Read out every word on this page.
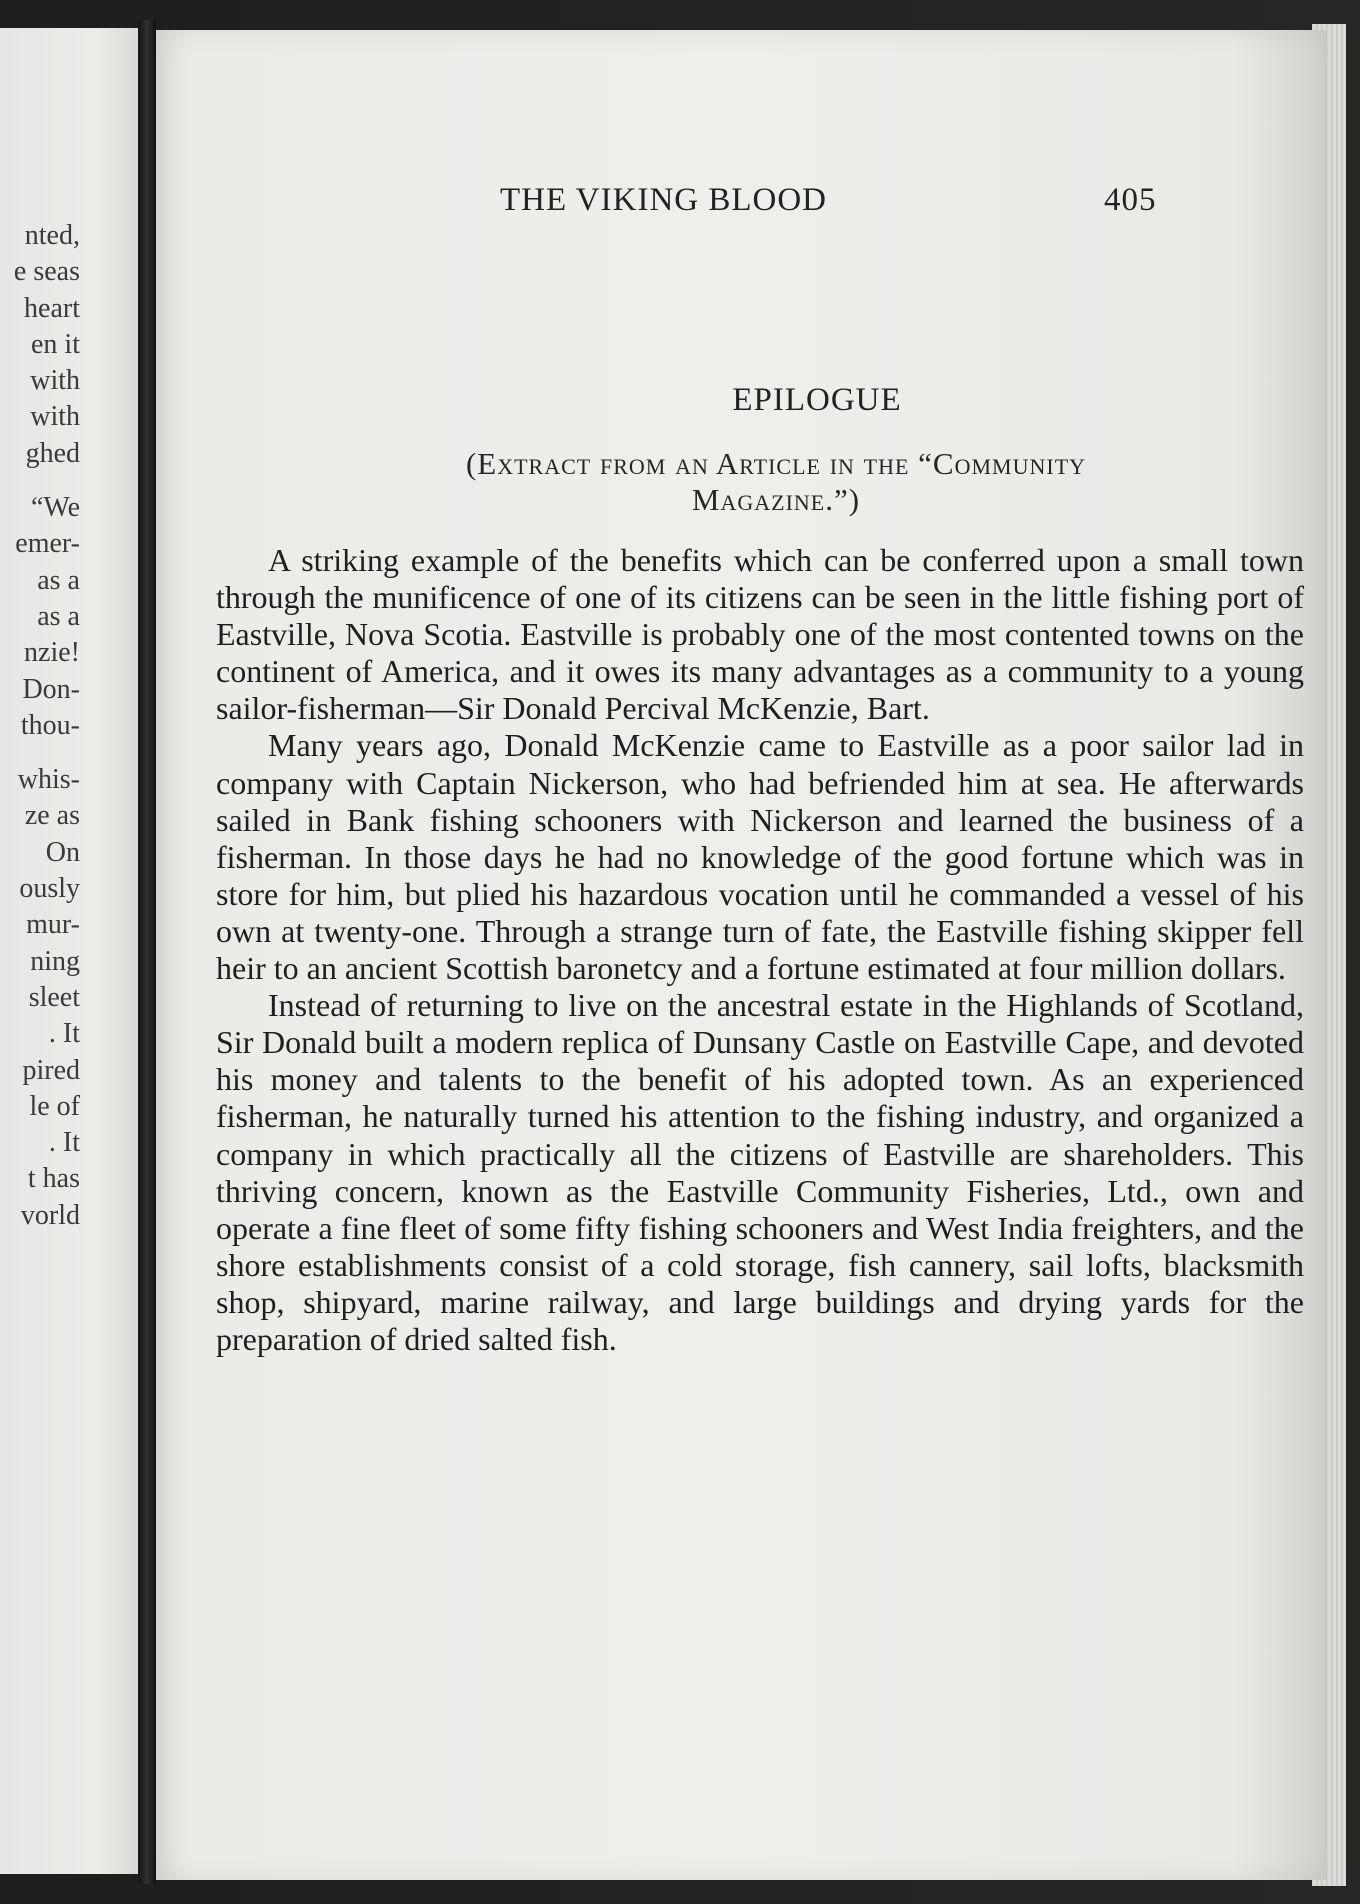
nted,
e seas
heart
en it
with
with
ghed
“We
emer-
as a
as a
nzie!
Don-
thou-
whis-
ze as
On
ously
mur-
ning
sleet
. It
pired
le of
. It
t has
vorld
THE VIKING BLOOD	405
EPILOGUE
(Extract from an Article in the “Community
Magazine.”)

A striking example of the benefits which can be conferred upon a small town through the munificence of one of its citizens can be seen in the little fishing port of Eastville, Nova Scotia. Eastville is probably one of the most contented towns on the continent of America, and it owes its many advantages as a community to a young sailor-fisherman—Sir Donald Percival McKenzie, Bart.

Many years ago, Donald McKenzie came to Eastville as a poor sailor lad in company with Captain Nickerson, who had befriended him at sea. He afterwards sailed in Bank fishing schooners with Nickerson and learned the business of a fisherman. In those days he had no knowledge of the good fortune which was in store for him, but plied his hazardous vocation until he commanded a vessel of his own at twenty-one. Through a strange turn of fate, the Eastville fishing skipper fell heir to an ancient Scottish baronetcy and a fortune estimated at four million dollars.

Instead of returning to live on the ancestral estate in the Highlands of Scotland, Sir Donald built a modern replica of Dunsany Castle on Eastville Cape, and devoted his money and talents to the benefit of his adopted town. As an experienced fisherman, he naturally turned his attention to the fishing industry, and organized a company in which practically all the citizens of Eastville are shareholders. This thriving concern, known as the Eastville Community Fisheries, Ltd., own and operate a fine fleet of some fifty fishing schooners and West India freighters, and the shore establishments consist of a cold storage, fish cannery, sail lofts, blacksmith shop, shipyard, marine railway, and large buildings and drying yards for the preparation of dried salted fish.
